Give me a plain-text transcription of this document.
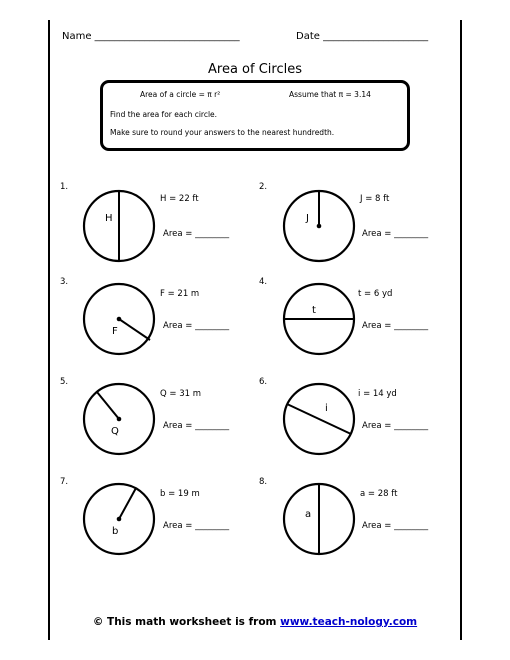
Name _____________________________	Date _____________________
Area of Circles
Area of a circle = π r²	Assume that π = 3.14
Find the area for each circle.
Make sure to round your answers to the nearest hundredth.
1.
H = 22 ft
Area = ________
H
2.
J = 8 ft
Area = ________
J
3.
F = 21 m
Area = ________
F
4.
t = 6 yd
Area = ________
t
5.
Q = 31 m
Area = ________
Q
6.
i = 14 yd
Area = ________
i
7.
b = 19 m
Area = ________
b
8.
a = 28 ft
Area = ________
a
© This math worksheet is from www.teach-nology.com
